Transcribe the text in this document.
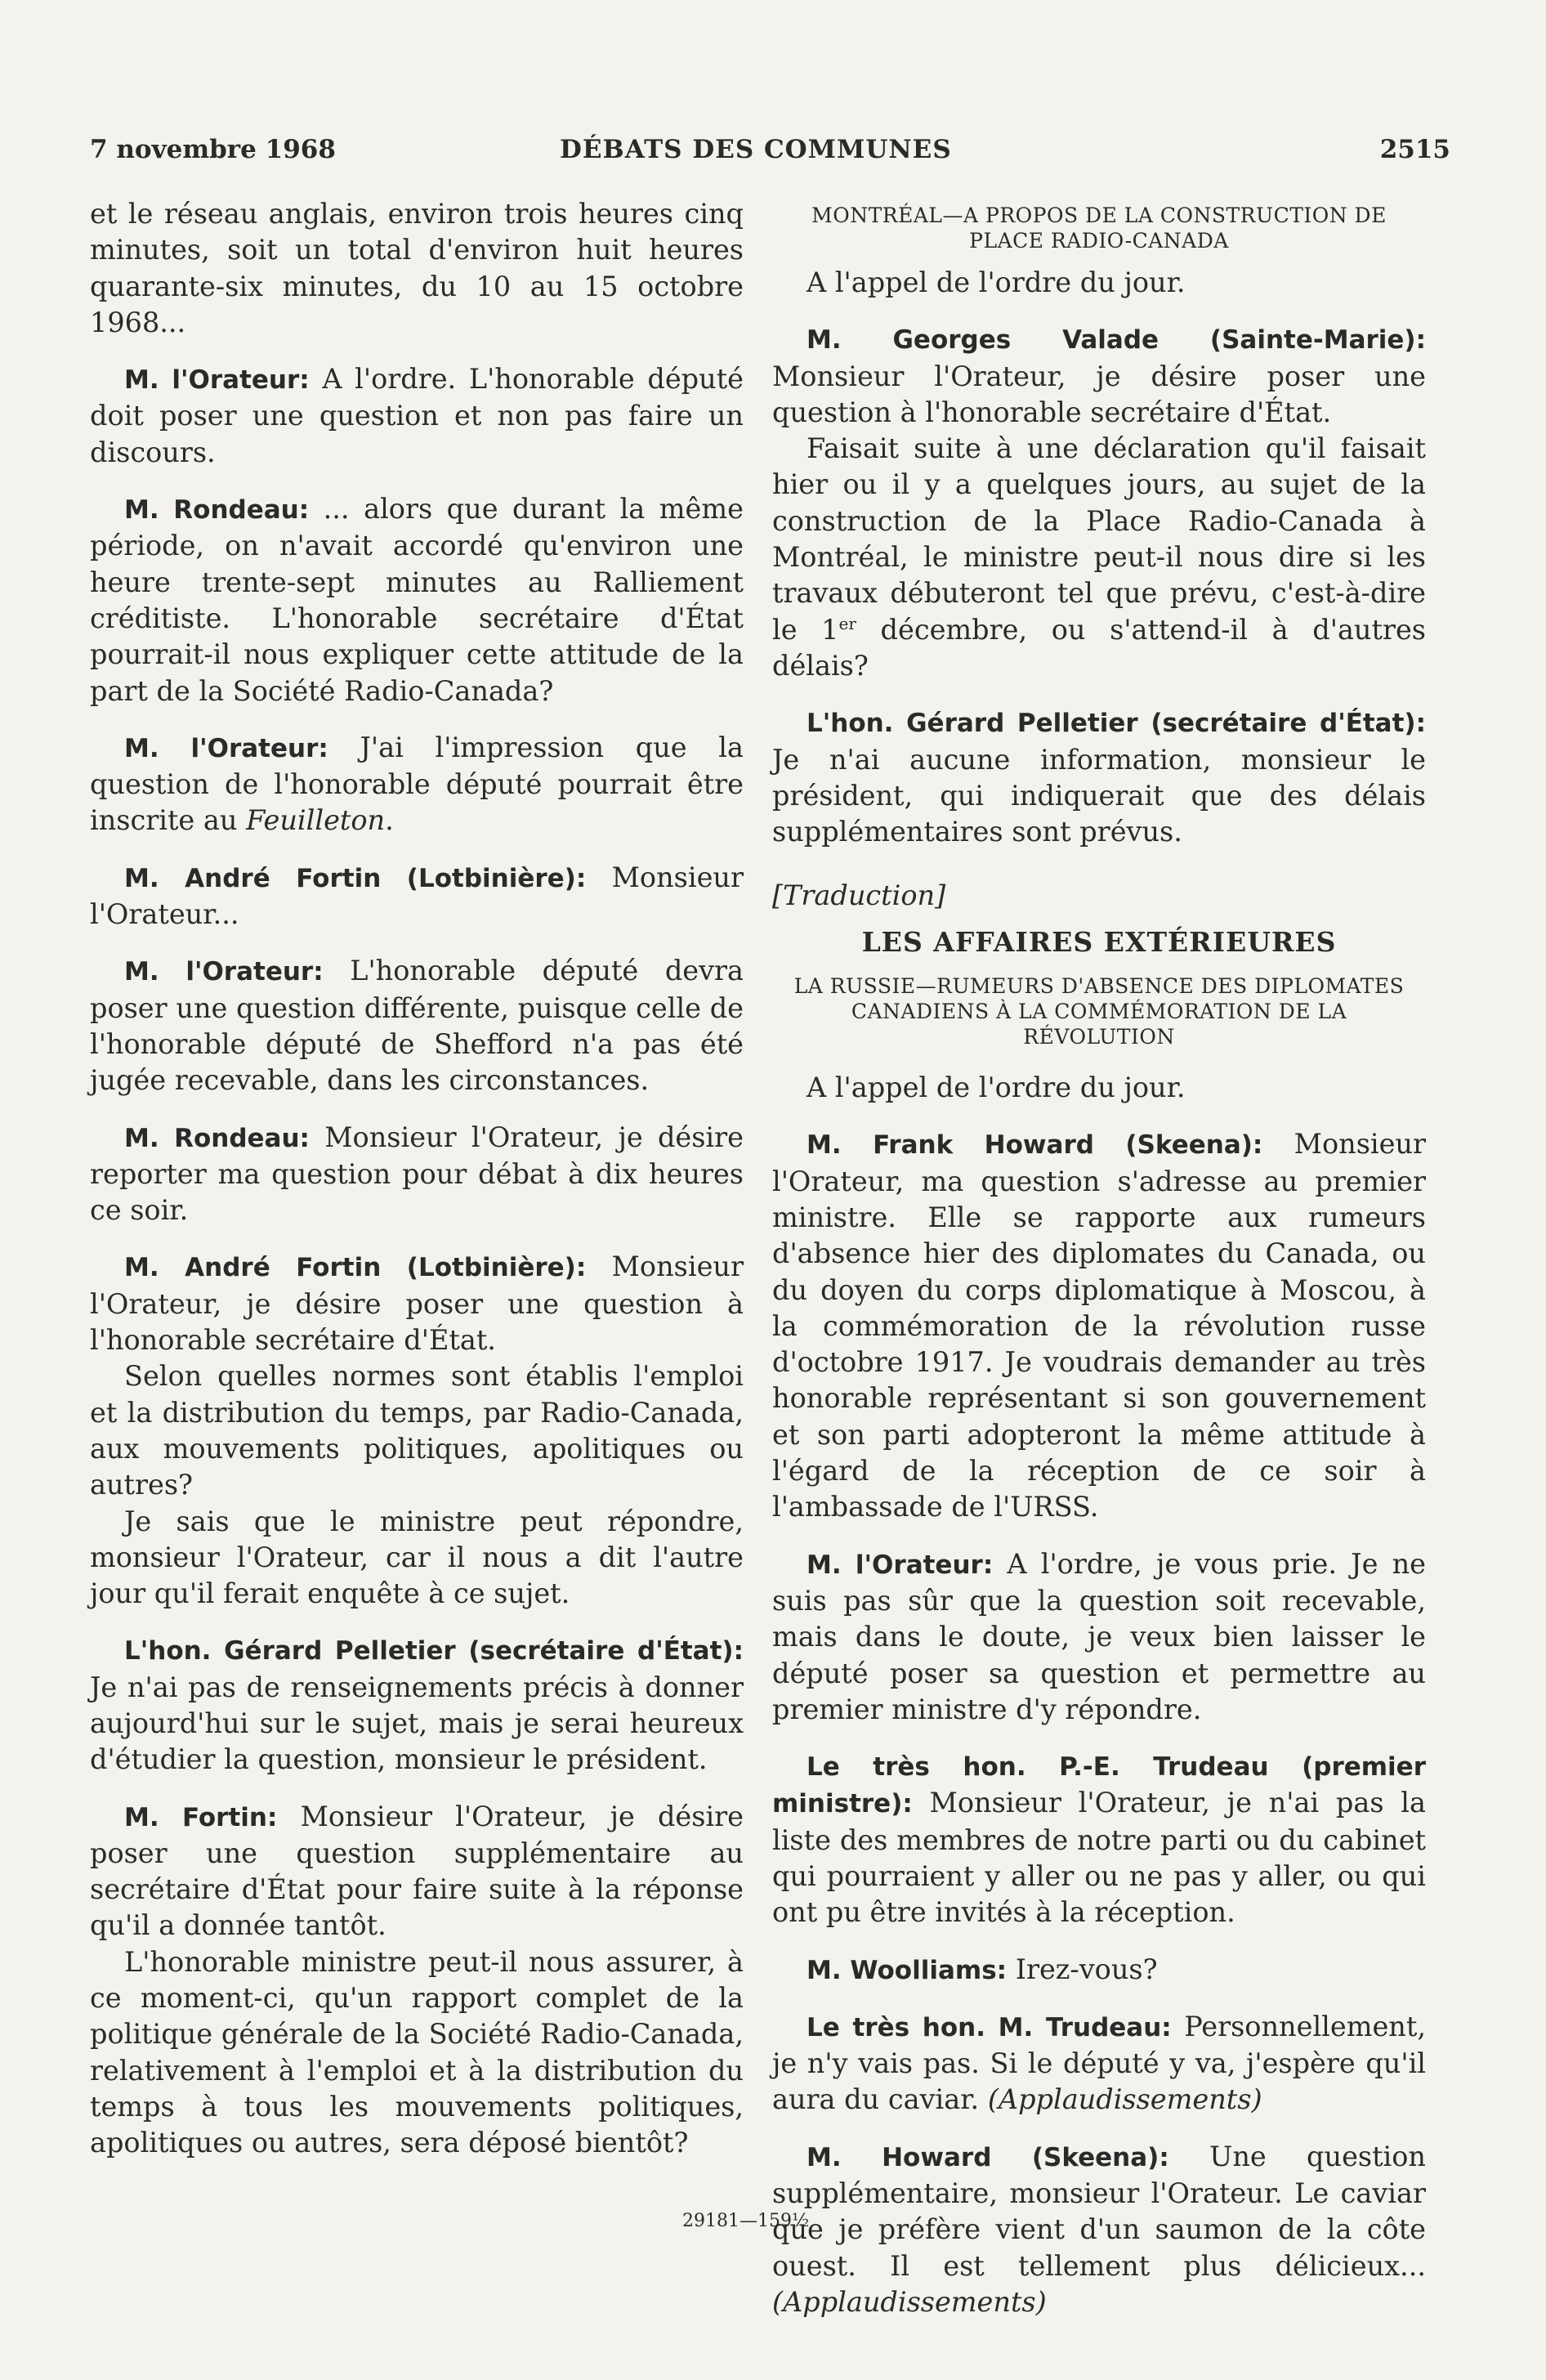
7 novembre 1968	DÉBATS DES COMMUNES	2515

et le réseau anglais, environ trois heures cinq minutes, soit un total d'environ huit heures quarante-six minutes, du 10 au 15 octobre 1968...

M. l'Orateur: A l'ordre. L'honorable député doit poser une question et non pas faire un discours.

M. Rondeau: ... alors que durant la même période, on n'avait accordé qu'environ une heure trente-sept minutes au Ralliement créditiste. L'honorable secrétaire d'État pourrait-il nous expliquer cette attitude de la part de la Société Radio-Canada?

M. l'Orateur: J'ai l'impression que la question de l'honorable député pourrait être inscrite au Feuilleton.

M. André Fortin (Lotbinière): Monsieur l'Orateur...

M. l'Orateur: L'honorable député devra poser une question différente, puisque celle de l'honorable député de Shefford n'a pas été jugée recevable, dans les circonstances.

M. Rondeau: Monsieur l'Orateur, je désire reporter ma question pour débat à dix heures ce soir.

M. André Fortin (Lotbinière): Monsieur l'Orateur, je désire poser une question à l'honorable secrétaire d'État.

Selon quelles normes sont établis l'emploi et la distribution du temps, par Radio-Canada, aux mouvements politiques, apolitiques ou autres?

Je sais que le ministre peut répondre, monsieur l'Orateur, car il nous a dit l'autre jour qu'il ferait enquête à ce sujet.

L'hon. Gérard Pelletier (secrétaire d'État): Je n'ai pas de renseignements précis à donner aujourd'hui sur le sujet, mais je serai heureux d'étudier la question, monsieur le président.

M. Fortin: Monsieur l'Orateur, je désire poser une question supplémentaire au secrétaire d'État pour faire suite à la réponse qu'il a donnée tantôt.

L'honorable ministre peut-il nous assurer, à ce moment-ci, qu'un rapport complet de la politique générale de la Société Radio-Canada, relativement à l'emploi et à la distribution du temps à tous les mouvements politiques, apolitiques ou autres, sera déposé bientôt?

MONTRÉAL—A PROPOS DE LA CONSTRUCTION DE PLACE RADIO-CANADA

A l'appel de l'ordre du jour.

M. Georges Valade (Sainte-Marie): Monsieur l'Orateur, je désire poser une question à l'honorable secrétaire d'État.

Faisait suite à une déclaration qu'il faisait hier ou il y a quelques jours, au sujet de la construction de la Place Radio-Canada à Montréal, le ministre peut-il nous dire si les travaux débuteront tel que prévu, c'est-à-dire le 1er décembre, ou s'attend-il à d'autres délais?

L'hon. Gérard Pelletier (secrétaire d'État): Je n'ai aucune information, monsieur le président, qui indiquerait que des délais supplémentaires sont prévus.

[Traduction]

LES AFFAIRES EXTÉRIEURES

LA RUSSIE—RUMEURS D'ABSENCE DES DIPLOMATES CANADIENS À LA COMMÉMORATION DE LA RÉVOLUTION

A l'appel de l'ordre du jour.

M. Frank Howard (Skeena): Monsieur l'Orateur, ma question s'adresse au premier ministre. Elle se rapporte aux rumeurs d'absence hier des diplomates du Canada, ou du doyen du corps diplomatique à Moscou, à la commémoration de la révolution russe d'octobre 1917. Je voudrais demander au très honorable représentant si son gouvernement et son parti adopteront la même attitude à l'égard de la réception de ce soir à l'ambassade de l'URSS.

M. l'Orateur: A l'ordre, je vous prie. Je ne suis pas sûr que la question soit recevable, mais dans le doute, je veux bien laisser le député poser sa question et permettre au premier ministre d'y répondre.

Le très hon. P.-E. Trudeau (premier ministre): Monsieur l'Orateur, je n'ai pas la liste des membres de notre parti ou du cabinet qui pourraient y aller ou ne pas y aller, ou qui ont pu être invités à la réception.

M. Woolliams: Irez-vous?

Le très hon. M. Trudeau: Personnellement, je n'y vais pas. Si le député y va, j'espère qu'il aura du caviar. (Applaudissements)

M. Howard (Skeena): Une question supplémentaire, monsieur l'Orateur. Le caviar que je préfère vient d'un saumon de la côte ouest. Il est tellement plus délicieux... (Applaudissements)

29181—159½
